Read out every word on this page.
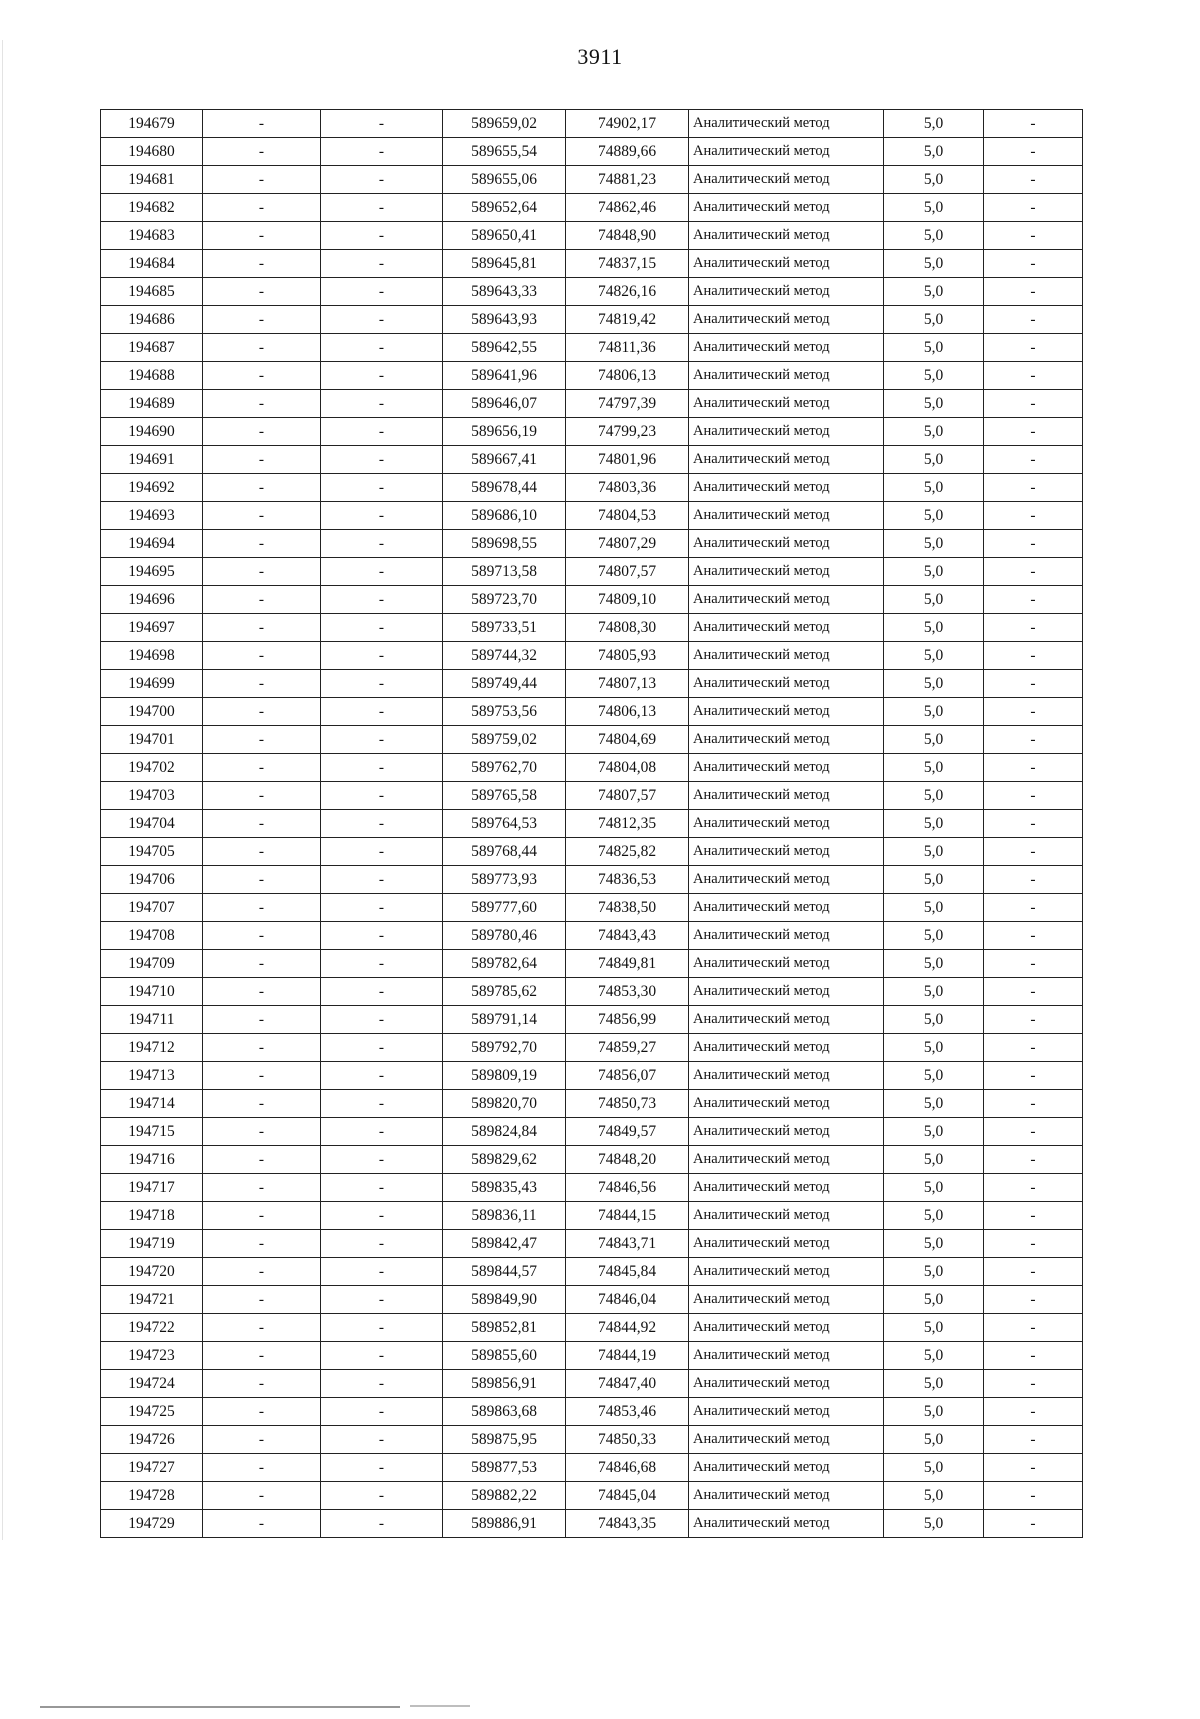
3911
194679	-	-	589659,02	74902,17	Аналитический метод	5,0	-
194680	-	-	589655,54	74889,66	Аналитический метод	5,0	-
194681	-	-	589655,06	74881,23	Аналитический метод	5,0	-
194682	-	-	589652,64	74862,46	Аналитический метод	5,0	-
194683	-	-	589650,41	74848,90	Аналитический метод	5,0	-
194684	-	-	589645,81	74837,15	Аналитический метод	5,0	-
194685	-	-	589643,33	74826,16	Аналитический метод	5,0	-
194686	-	-	589643,93	74819,42	Аналитический метод	5,0	-
194687	-	-	589642,55	74811,36	Аналитический метод	5,0	-
194688	-	-	589641,96	74806,13	Аналитический метод	5,0	-
194689	-	-	589646,07	74797,39	Аналитический метод	5,0	-
194690	-	-	589656,19	74799,23	Аналитический метод	5,0	-
194691	-	-	589667,41	74801,96	Аналитический метод	5,0	-
194692	-	-	589678,44	74803,36	Аналитический метод	5,0	-
194693	-	-	589686,10	74804,53	Аналитический метод	5,0	-
194694	-	-	589698,55	74807,29	Аналитический метод	5,0	-
194695	-	-	589713,58	74807,57	Аналитический метод	5,0	-
194696	-	-	589723,70	74809,10	Аналитический метод	5,0	-
194697	-	-	589733,51	74808,30	Аналитический метод	5,0	-
194698	-	-	589744,32	74805,93	Аналитический метод	5,0	-
194699	-	-	589749,44	74807,13	Аналитический метод	5,0	-
194700	-	-	589753,56	74806,13	Аналитический метод	5,0	-
194701	-	-	589759,02	74804,69	Аналитический метод	5,0	-
194702	-	-	589762,70	74804,08	Аналитический метод	5,0	-
194703	-	-	589765,58	74807,57	Аналитический метод	5,0	-
194704	-	-	589764,53	74812,35	Аналитический метод	5,0	-
194705	-	-	589768,44	74825,82	Аналитический метод	5,0	-
194706	-	-	589773,93	74836,53	Аналитический метод	5,0	-
194707	-	-	589777,60	74838,50	Аналитический метод	5,0	-
194708	-	-	589780,46	74843,43	Аналитический метод	5,0	-
194709	-	-	589782,64	74849,81	Аналитический метод	5,0	-
194710	-	-	589785,62	74853,30	Аналитический метод	5,0	-
194711	-	-	589791,14	74856,99	Аналитический метод	5,0	-
194712	-	-	589792,70	74859,27	Аналитический метод	5,0	-
194713	-	-	589809,19	74856,07	Аналитический метод	5,0	-
194714	-	-	589820,70	74850,73	Аналитический метод	5,0	-
194715	-	-	589824,84	74849,57	Аналитический метод	5,0	-
194716	-	-	589829,62	74848,20	Аналитический метод	5,0	-
194717	-	-	589835,43	74846,56	Аналитический метод	5,0	-
194718	-	-	589836,11	74844,15	Аналитический метод	5,0	-
194719	-	-	589842,47	74843,71	Аналитический метод	5,0	-
194720	-	-	589844,57	74845,84	Аналитический метод	5,0	-
194721	-	-	589849,90	74846,04	Аналитический метод	5,0	-
194722	-	-	589852,81	74844,92	Аналитический метод	5,0	-
194723	-	-	589855,60	74844,19	Аналитический метод	5,0	-
194724	-	-	589856,91	74847,40	Аналитический метод	5,0	-
194725	-	-	589863,68	74853,46	Аналитический метод	5,0	-
194726	-	-	589875,95	74850,33	Аналитический метод	5,0	-
194727	-	-	589877,53	74846,68	Аналитический метод	5,0	-
194728	-	-	589882,22	74845,04	Аналитический метод	5,0	-
194729	-	-	589886,91	74843,35	Аналитический метод	5,0	-
